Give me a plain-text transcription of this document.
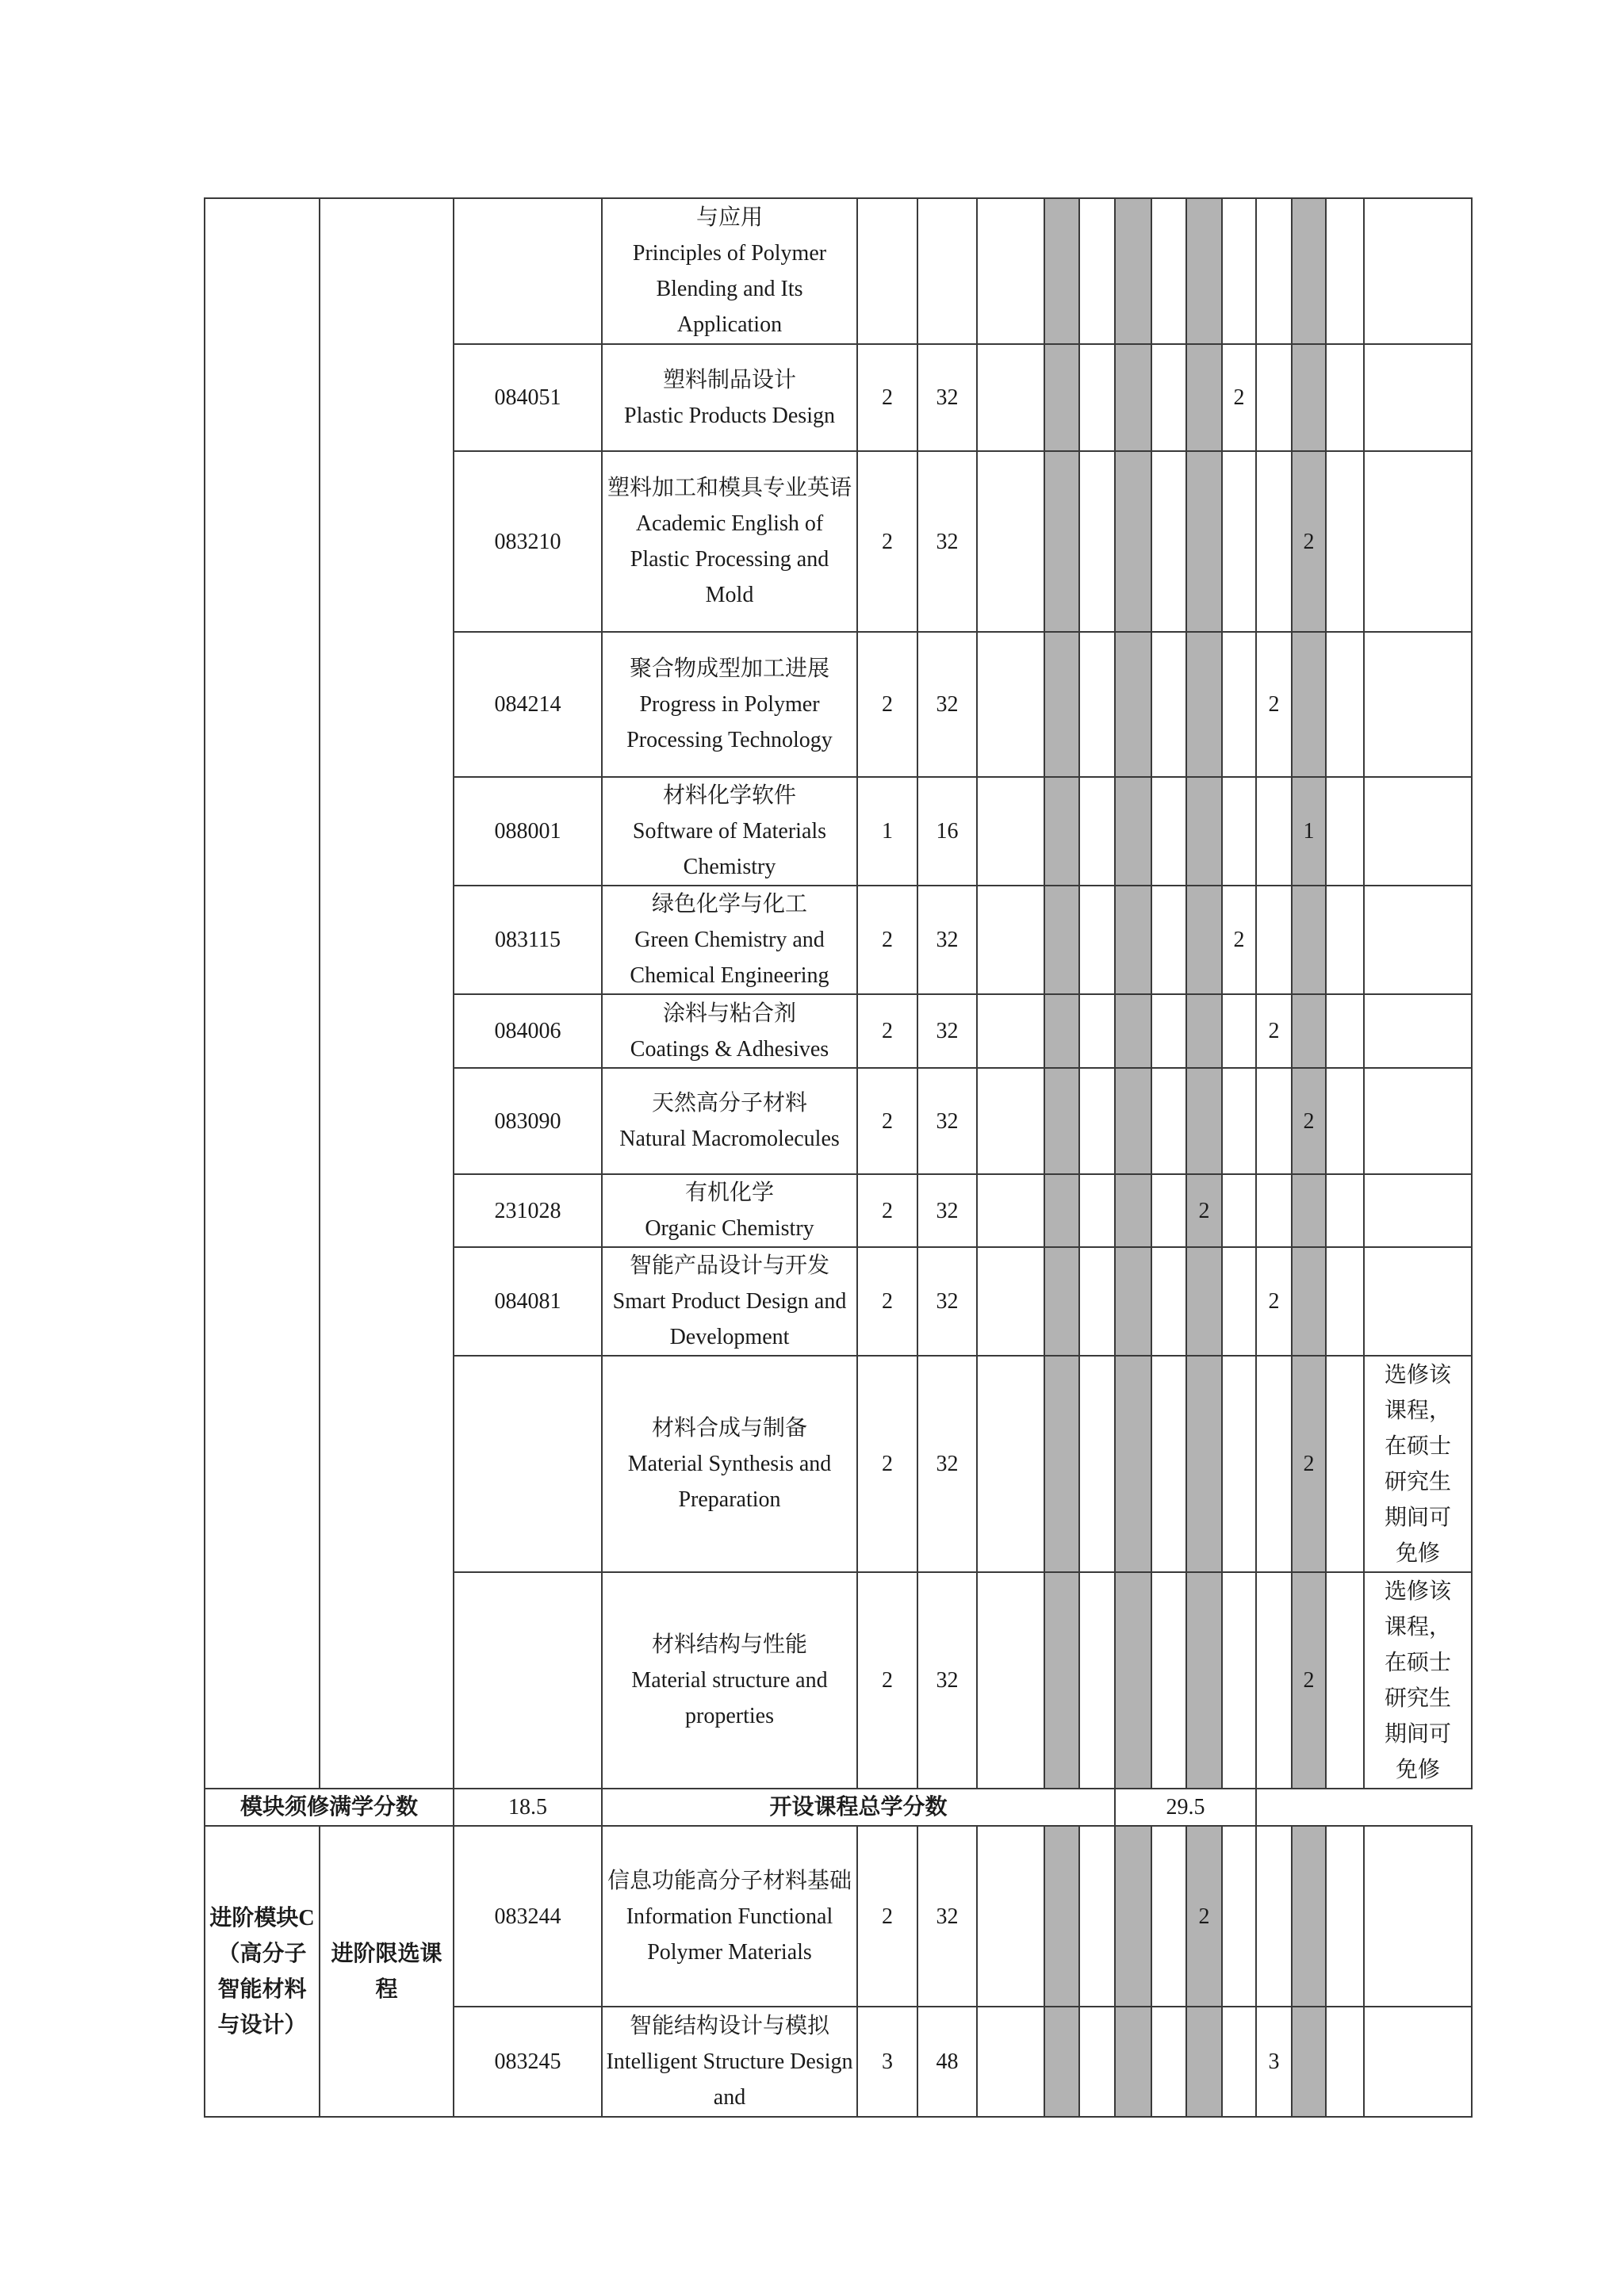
			与应用
Principles of Polymer Blending and Its Application													

		084051	塑料制品设计
Plastic Products Design	2	32							2				
		083210	塑料加工和模具专业英语
Academic English of Plastic Processing and Mold	2	32									2		
		084214	聚合物成型加工进展
Progress in Polymer Processing Technology	2	32								2			
		088001	材料化学软件
Software of Materials Chemistry	1	16									1		
		083115	绿色化学与化工
Green Chemistry and Chemical Engineering	2	32							2				
		084006	涂料与粘合剂
Coatings & Adhesives	2	32								2			
		083090	天然高分子材料
Natural Macromolecules	2	32									2		
		231028	有机化学
Organic Chemistry	2	32						2					
		084081	智能产品设计与开发
Smart Product Design and Development	2	32								2			

			材料合成与制备
Material Synthesis and Preparation	2	32									2		选修该课程，在硕士研究生期间可免修

			材料结构与性能
Material structure and properties	2	32									2		选修该课程，在硕士研究生期间可免修
模块须修满学分数		18.5	开设课程总学分数						29.5							
进阶模块C（高分子智能材料与设计）	进阶限选课程	083244	信息功能高分子材料基础
Information Functional Polymer Materials	2	32						2					
		083245	智能结构设计与模拟
Intelligent Structure Design and	3	48								3			
